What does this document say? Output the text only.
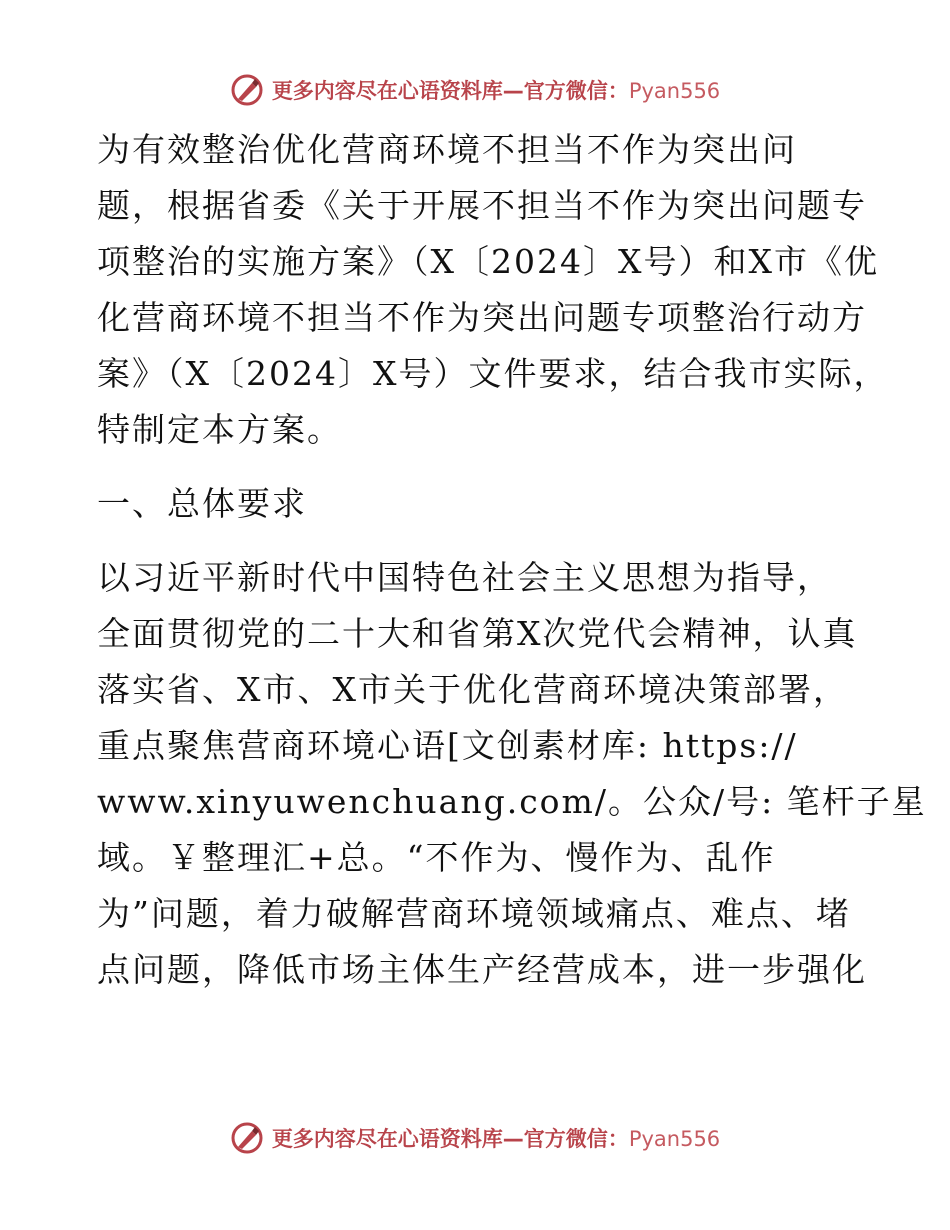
更多内容尽在心语资料库—官方微信：Pyan556
为有效整治优化营商环境不担当不作为突出问
题，根据省委《关于开展不担当不作为突出问题专
项整治的实施方案》（X〔2024〕X号）和X市《优
化营商环境不担当不作为突出问题专项整治行动方
案》（X〔2024〕X号）文件要求，结合我市实际，
特制定本方案。
一、总体要求
以习近平新时代中国特色社会主义思想为指导，
全面贯彻党的二十大和省第X次党代会精神，认真
落实省、X市、X市关于优化营商环境决策部署，
重点聚焦营商环境心语[文创素材库: https://
www.xinyuwenchuang.com/。公众/号: 笔杆子星
域。￥整理汇+总。“不作为、慢作为、乱作
为”问题，着力破解营商环境领域痛点、难点、堵
点问题，降低市场主体生产经营成本，进一步强化
更多内容尽在心语资料库—官方微信：Pyan556
